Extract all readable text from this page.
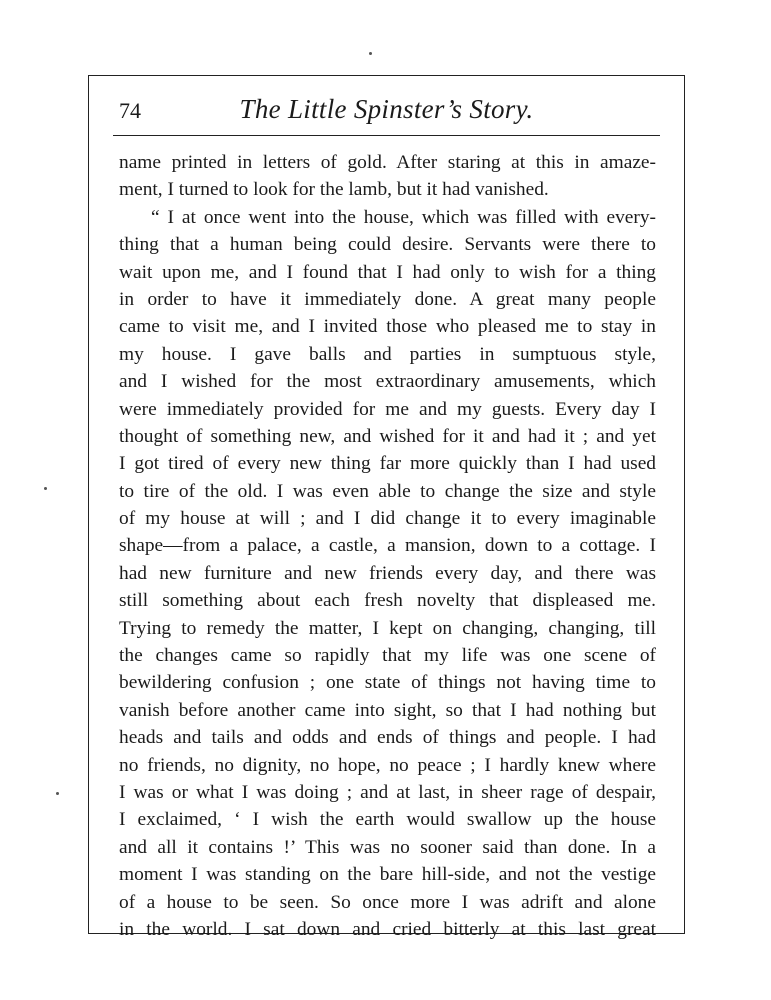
74	The Little Spinster’s Story.
name printed in letters of gold. After staring at this in amaze-
ment, I turned to look for the lamb, but it had vanished.
“ I at once went into the house, which was filled with every-
thing that a human being could desire. Servants were there to
wait upon me, and I found that I had only to wish for a thing
in order to have it immediately done. A great many people
came to visit me, and I invited those who pleased me to stay in
my house. I gave balls and parties in sumptuous style,
and I wished for the most extraordinary amusements, which
were immediately provided for me and my guests. Every day I
thought of something new, and wished for it and had it ; and yet
I got tired of every new thing far more quickly than I had used
to tire of the old. I was even able to change the size and style
of my house at will ; and I did change it to every imaginable
shape—from a palace, a castle, a mansion, down to a cottage. I
had new furniture and new friends every day, and there was
still something about each fresh novelty that displeased me.
Trying to remedy the matter, I kept on changing, changing, till
the changes came so rapidly that my life was one scene of
bewildering confusion ; one state of things not having time to
vanish before another came into sight, so that I had nothing but
heads and tails and odds and ends of things and people. I had
no friends, no dignity, no hope, no peace ; I hardly knew where
I was or what I was doing ; and at last, in sheer rage of despair,
I exclaimed, ‘ I wish the earth would swallow up the house
and all it contains !’ This was no sooner said than done. In a
moment I was standing on the bare hill-side, and not the vestige
of a house to be seen. So once more I was adrift and alone
in the world. I sat down and cried bitterly at this last great
